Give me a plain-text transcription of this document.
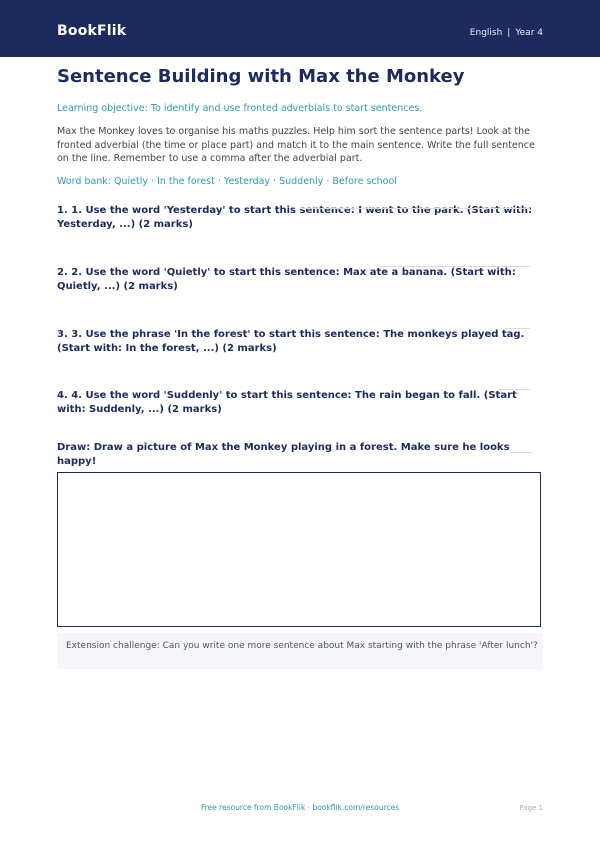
BookFlik	English | Year 4
Sentence Building with Max the Monkey
Learning objective: To identify and use fronted adverbials to start sentences.
Max the Monkey loves to organise his maths puzzles. Help him sort the sentence parts! Look at the fronted adverbial (the time or place part) and match it to the main sentence. Write the full sentence on the line. Remember to use a comma after the adverbial part.
Word bank: Quietly · In the forest · Yesterday · Suddenly · Before school
1. 1. Use the word 'Yesterday' to start this sentence: I went to the park. (Start with: Yesterday, ...) (2 marks)
2. 2. Use the word 'Quietly' to start this sentence: Max ate a banana. (Start with: Quietly, ...) (2 marks)
3. 3. Use the phrase 'In the forest' to start this sentence: The monkeys played tag. (Start with: In the forest, ...) (2 marks)
4. 4. Use the word 'Suddenly' to start this sentence: The rain began to fall. (Start with: Suddenly, ...) (2 marks)
Draw: Draw a picture of Max the Monkey playing in a forest. Make sure he looks happy!
Extension challenge: Can you write one more sentence about Max starting with the phrase 'After lunch'?
Free resource from BookFlik · bookflik.com/resources	Page 1
